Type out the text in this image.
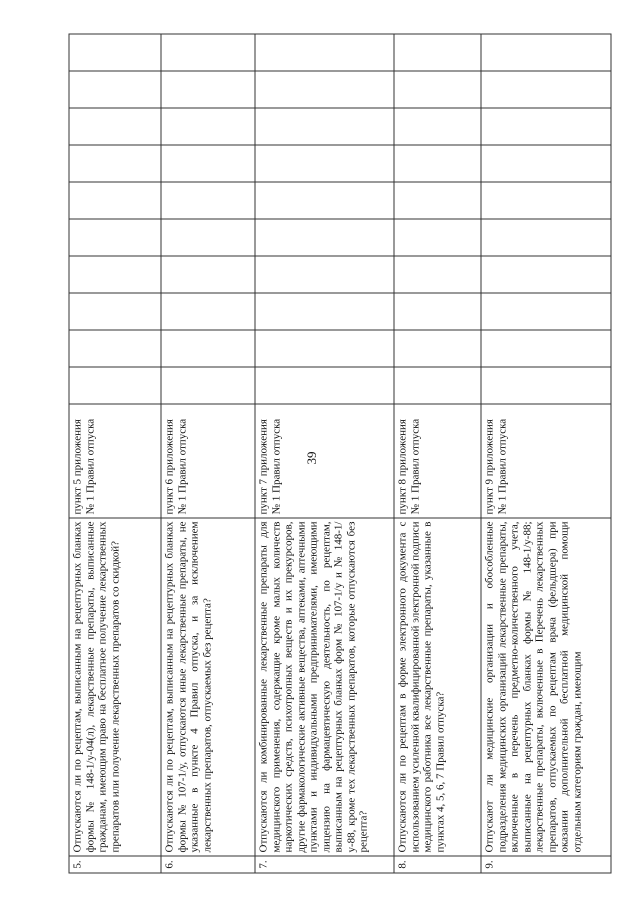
39
5.	Отпускаются ли по рецептам, выписанным на рецептурных бланках формы № 148-1/у-04(л), лекарственные препараты, выписанные гражданам, имеющим право на бесплатное получение лекарственных препаратов или получение лекарственных препаратов со скидкой?	пункт 5 приложения № 1 Правил отпуска										
6.	Отпускаются ли по рецептам, выписанным на рецептурных бланках формы № 107-1/у, отпускаются иные лекарственные препараты, не указанные в пункте 4 Правил отпуска, и за исключением лекарственных препаратов, отпускаемых без рецепта?	пункт 6 приложения № 1 Правил отпуска										
7.	Отпускаются ли комбинированные лекарственные препараты для медицинского применения, содержащие кроме малых количеств наркотических средств, психотропных веществ и их прекурсоров, другие фармакологические активные вещества, аптеками, аптечными пунктами и индивидуальными предпринимателями, имеющими лицензию на фармацевтическую деятельность, по рецептам, выписанным на рецептурных бланках форм № 107-1/у и № 148-1/у-88, кроме тех лекарственных препаратов, которые отпускаются без рецепта?	пункт 7 приложения № 1 Правил отпуска										
8.	Отпускаются ли по рецептам в форме электронного документа с использованием усиленной квалифицированной электронной подписи медицинского работника все лекарственные препараты, указанные в пунктах 4, 5, 6, 7 Правил отпуска?	пункт 8 приложения № 1 Правил отпуска										
9.	Отпускают ли медицинские организации и обособленные подразделения медицинских организаций лекарственные препараты, включенные в перечень предметно-количественного учета, выписанные на рецептурных бланках формы № 148-1/у-88; лекарственные препараты, включенные в Перечень лекарственных препаратов, отпускаемых по рецептам врача (фельдшера) при оказании дополнительной бесплатной медицинской помощи отдельным категориям граждан, имеющим	пункт 9 приложения № 1 Правил отпуска										
